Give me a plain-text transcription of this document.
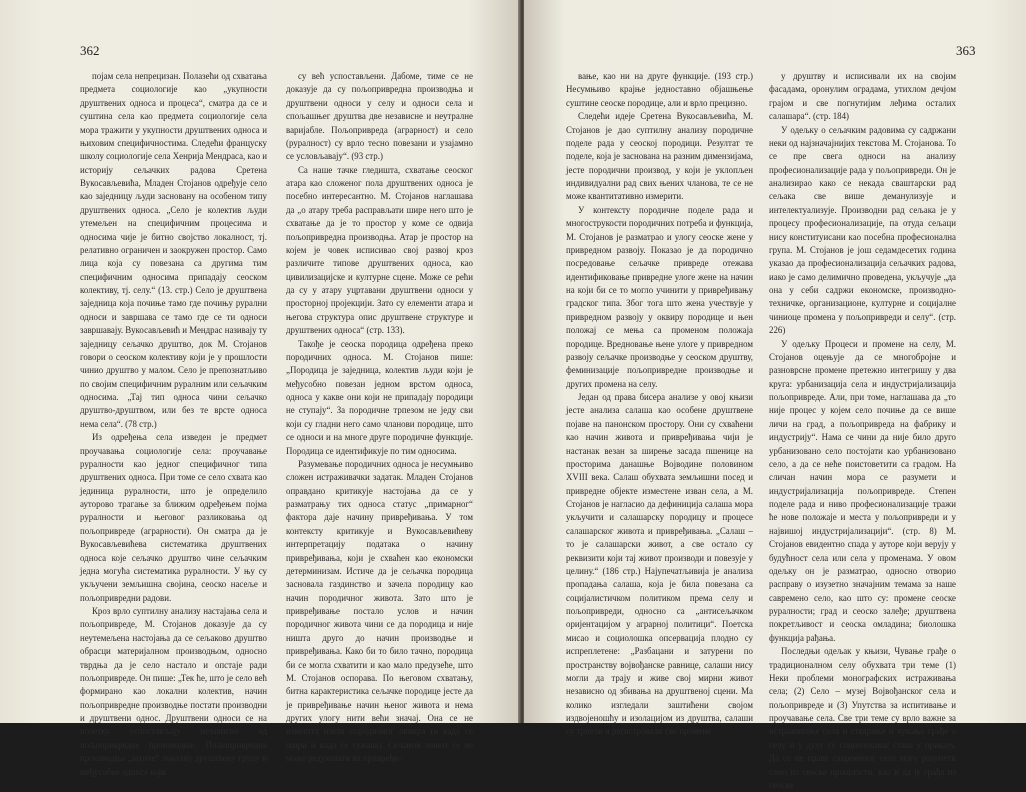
362

појам села непрецизан. Полазећи од схватања предмета социологије као „укупности друштвених односа и процеса“, сматра да се и суштина села као предмета социологије села мора тражити у укупности друштвених односа и њиховим специфичностима. Следећи француску школу социологије села Хенрија Мендраса, као и историју сељачких радова Сретена Вукосављевића, Младен Стојанов одређује село као заједницу људи засновану на особеном типу друштвених односа. „Село је колектив људи утемељен на специфичним процесима и односима чије је битно својство локалност, тј. релативно ограничен и заокружен простор. Само лица која су повезана са другима тим специфичним односима припадају сеоском колективу, тј. селу.“ (13. стр.) Село је друштвена заједница која почиње тамо где почињу рурални односи и завршава се тамо где се ти односи завршавају. Вукосављевић и Мендрас називају ту заједницу сељачко друштво, док М. Стојанов говори о сеоском колективу који је у прошлости чинио друштво у малом. Село је препознатљиво по својим специфичним руралним или сељачким односима. „Тај тип односа чини сељачко друштво-друштвом, или без те врсте односа нема села“. (78 стр.)

Из одређења села изведен је предмет проучавања социологије села: проучавање руралности као једног специфичног типа друштвених односа. При томе се село схвата као јединица руралности, што је определило ауторово трагање за ближим одређењем појма руралности и његовог разликовања од пољопривреде (аграрности). Он сматра да је Вукосављевићева систематика друштвених односа које сељачко друштво чине сељачким једна могућа систематика руралности. У њу су укључени земљишна својина, сеоско насеље и пољопривредни радови.

Кроз врло суптилну анализу настајања села и пољопривреде, М. Стојанов доказује да су неутемељена настојања да се сељаково друштво обрасци материјалном производњом, односно тврдња да је село настало и опстаје ради пољопривреде. Он пише: „Тек ће, што је село већ формирано као локални колектив, начин пољопривредне производње постати производни и друштвени однос. Друштвени односи се на почетку успостављају независно од пољопривредне производње. Пољопривредна производња „затиче“ локалну друштвену групу и међусобне односе који

су већ успостављени. Дабоме, тиме се не доказује да су пољопривредна производња и друштвени односи у селу и односи села и спољашњег друштва две независне и неутралне варијабле. Пољопривреда (аграрност) и село (руралност) су врло тесно повезани и узајамно се условљавају“. (93 стр.)

Са наше тачке гледишта, схватање сеоског атара као сложеног пола друштвених односа је посебно интересантно. М. Стојанов наглашава да „о атару треба расправљати шире него што је схватање да је то простор у коме се одвија пољопривредна производња. Атар је простор на којем је човек исписивао свој развој кроз различите типове друштвених односа, као цивилизацијске и културне сцене. Може се рећи да су у атару уцртавани друштвени односи у просторној пројекцији. Зато су елементи атара и његова структура опис друштвене структуре и друштвених односа“ (стр. 133).

Такође је сеоска породица одређена преко породичних односа. М. Стојанов пише: „Породица је заједница, колектив људи који је међусобно повезан једном врстом односа, односа у какве они који не припадају породици не ступају“. За породичне трпезом не једу сви који су гладни него само чланови породице, што се односи и на многе друге породичне функције. Породица се идентификује по тим односима.

Разумевање породичних односа је несумњиво сложен истраживачки задатак. Младен Стојанов оправдано критикује настојања да се у разматрању тих односа статус „примарног“ фактора даје начину привређивања. У том контексту критикује и Вукосављевићеву интерпретацију података о начину привређивања, који је схваћен као економски детерминизам. Истиче да је сељачка породица засновала газдинство и зачела породицу као начин породичног живота. Зато што је привређивање постало услов и начин породичног живота чини се да породица и није ништа друго до начин производње и привређивања. Како би то било тачно, породица би се могла схватити и као мало предузеће, што М. Стојанов оспорава. По његовом схватању, битна карактеристика сељачке породице јесте да је привређивање начин њеног живота и нема других улогу нити већи значај. Она се не измешта изван породичног оквира (и када се шири и када се сужава). Сељаков живот се не може редуковати на привређи-

363

вање, као ни на друге функције. (193 стр.) Несумњиво крајње једноставно објашњење суштине сеоске породице, али и врло прецизно.

Следећи идеје Сретена Вукосављевића, М. Стојанов је дао суптилну анализу породичне поделе рада у сеоској породици. Резултат те поделе, која је заснована на разним димензијама, јесте породични производ, у који је уклопљен индивидуални рад свих њених чланова, те се не може квантитативно измерити.

У контексту породичне поделе рада и многострукости породичних потреба и функција, М. Стојанов је разматрао и улогу сеоске жене у привредном развоју. Показао је да породично посредовање сељачке привреде отежава идентификовање привредне улоге жене на начин на који би се то могло учинити у привређивању градског типа. Због тога што жена учествује у привредном развоју у оквиру породице и њен положај се мења са променом положаја породице. Вредновање њене улоге у привредном развоју сељачке производње у сеоском друштву, феминизацијe пољопривредне производње и других промена на селу.

Један од права бисера анализе у овој књизи јесте анализа салаша као особене друштвене појаве на панонском простору. Они су схваћени као начин живота и привређивања чији је настанак везан за ширење засада пшенице на просторима данашње Војводине половином XVIII века. Салаш обухвата земљишни посед и привредне објекте изместене изван села, а М. Стојанов је нагласио да дефиниција салаша мора укључити и салашарску породицу и процесе салашарског живота и привређивања. „Салаш – то је салашарски живот, а све остало су реквизити који тај живот производи и повезује у целину.“ (186 стр.) Најупечатљивија је анализа пропадања салаша, која је била повезана са социјалистичком политиком према селу и пољопривреди, односно са „антисељачком оријентацијом у аграрној политици“. Поетска мисао и социолошка опсервација плодно су испреплетене: „Разбацани и затурени по пространству војвођанске равнице, салаши нису могли да трају и живе свој мирни живот независно од збивања на друштвеној сцени. Ма колико изгледали заштићени својом издвојеношћу и изолацијом из друштва, салаши су трпели и регистровали све промене

у друштву и исписивали их на својим фасадама, оронулим оградама, утихлом дечјом грајом и све погнутијим леђима осталих салашара“. (стр. 184)

У одељку о сељачким радовима су садржани неки од најзначајнијих текстова М. Стојанова. То се пре свега односи на анализу професионализације рада у пољопривреди. Он је анализирао како се некада сваштарски рад сељака све више деманулизује и интелектуализује. Производни рад сељака је у процесу професионализације, па отуда сељаци нису конституисани као посебна професионална група. М. Стојанов је још седамдесетих година указао да професионализација сељачких радова, иако је само делимично проведена, укључује „да она у себи садржи економске, производно-техничке, организационе, културне и социјалне чиниоце промена у пољопривреди и селу“. (стр. 226)

У одељку Процеси и промене на селу, М. Стојанов оцењује да се многобројне и разноврсне промене претежно интегришу у два круга: урбанизација села и индустријализација пољопривреде. Али, при томе, наглашава да „то није процес у којем село почиње да се више личи на град, а пољопривреда на фабрику и индустрију“. Нама се чини да није било друго урбанизовано село постојати као урбанизовано село, а да се нећe поистоветити са градом. На сличан начин мора се разумети и индустријализација пољопривреде. Степен поделе рада и ниво професионализације тражи ће нове положаје и места у пољопривреди и у највишој индустријализацији“. (стр. 8) М. Стојанов евидентно спада у ауторе који верују у будућност села или села у променама. У овом одељку он је разматрао, односно отворио расправу о изузетно значајним темама за наше савремено село, као што су: промене сеоске руралности; град и сеоско залеђе; друштвена покретљивост и сеоска омладина; биолошка функција рађања.

Последњи одељак у књизи, Чување грађе о традиционалном селу обухвата три теме (1) Неки проблеми монографских истраживања села; (2) Село – музеј Војвођанског села и пољопривреде и (3) Упутства за испитивање и проучавање села. Све три теме су врло важне за истраживање села и стварање и чување грађе о селу и у духу су социолошког става у приказу. Да се не праве савременог села могу разумети само из сеоске прошлости, као и да је грађа из сеоске
